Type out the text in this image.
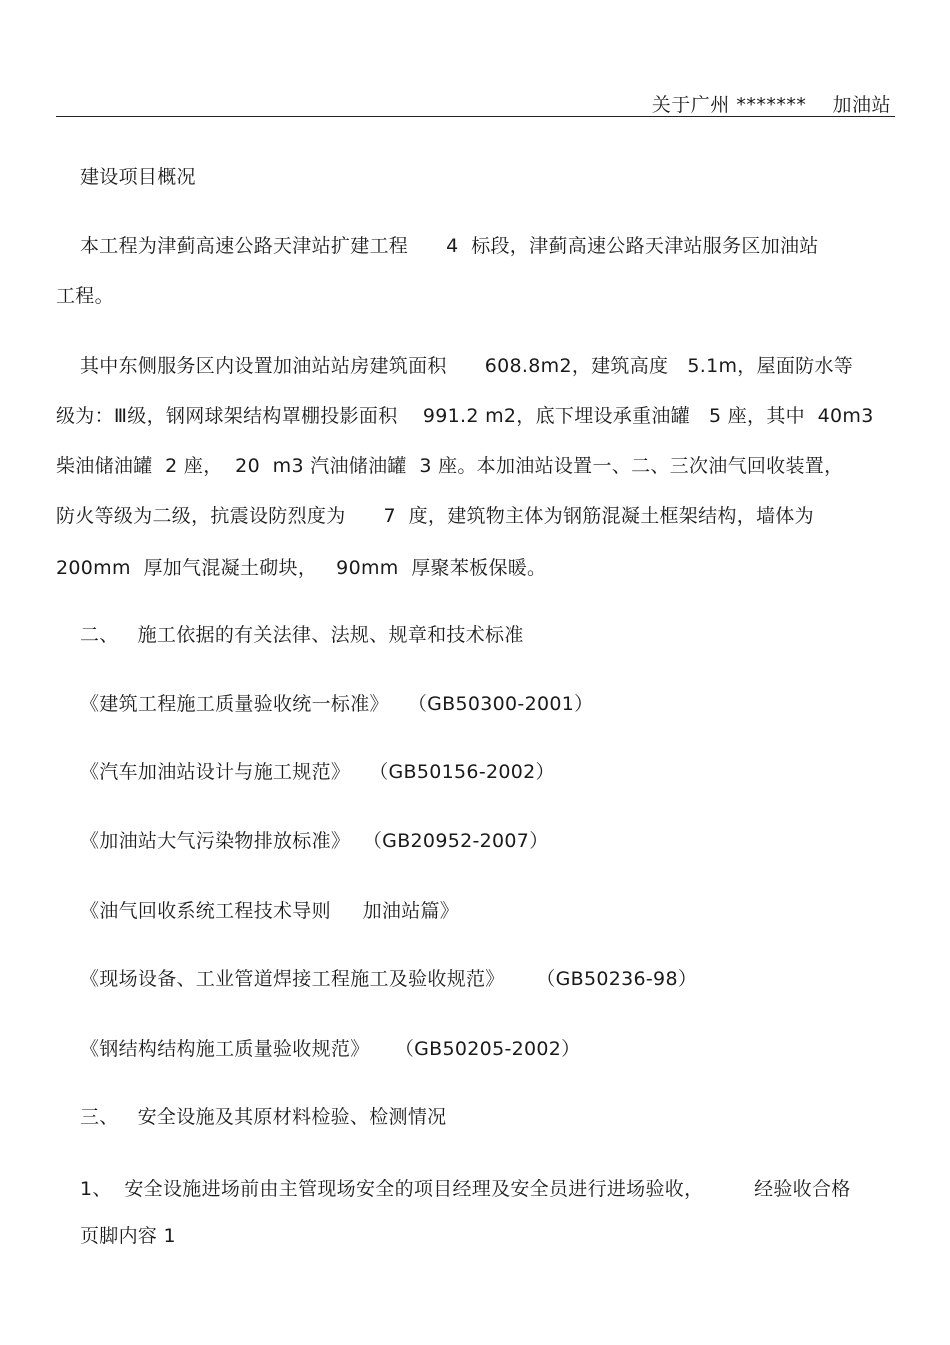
关于广州 *******    加油站
建设项目概况
本工程为津蓟高速公路天津站扩建工程      4  标段，津蓟高速公路天津站服务区加油站
工程。
其中东侧服务区内设置加油站站房建筑面积      608.8m2，建筑高度   5.1m，屋面防水等
级为：Ⅲ级，钢网球架结构罩棚投影面积    991.2 m2，底下埋设承重油罐   5 座，其中  40m3
柴油储油罐  2 座，  20  m3 汽油储油罐  3 座。本加油站设置一、二、三次油气回收装置，
防火等级为二级，抗震设防烈度为      7  度，建筑物主体为钢筋混凝土框架结构，墙体为
200mm  厚加气混凝土砌块，   90mm  厚聚苯板保暖。
二、   施工依据的有关法律、法规、规章和技术标准
《建筑工程施工质量验收统一标准》   （GB50300-2001）
《汽车加油站设计与施工规范》   （GB50156-2002）
《加油站大气污染物排放标准》  （GB20952-2007）
《油气回收系统工程技术导则     加油站篇》
《现场设备、工业管道焊接工程施工及验收规范》     （GB50236-98）
《钢结构结构施工质量验收规范》    （GB50205-2002）
三、   安全设施及其原材料检验、检测情况
1、  安全设施进场前由主管现场安全的项目经理及安全员进行进场验收，        经验收合格
页脚内容 1
